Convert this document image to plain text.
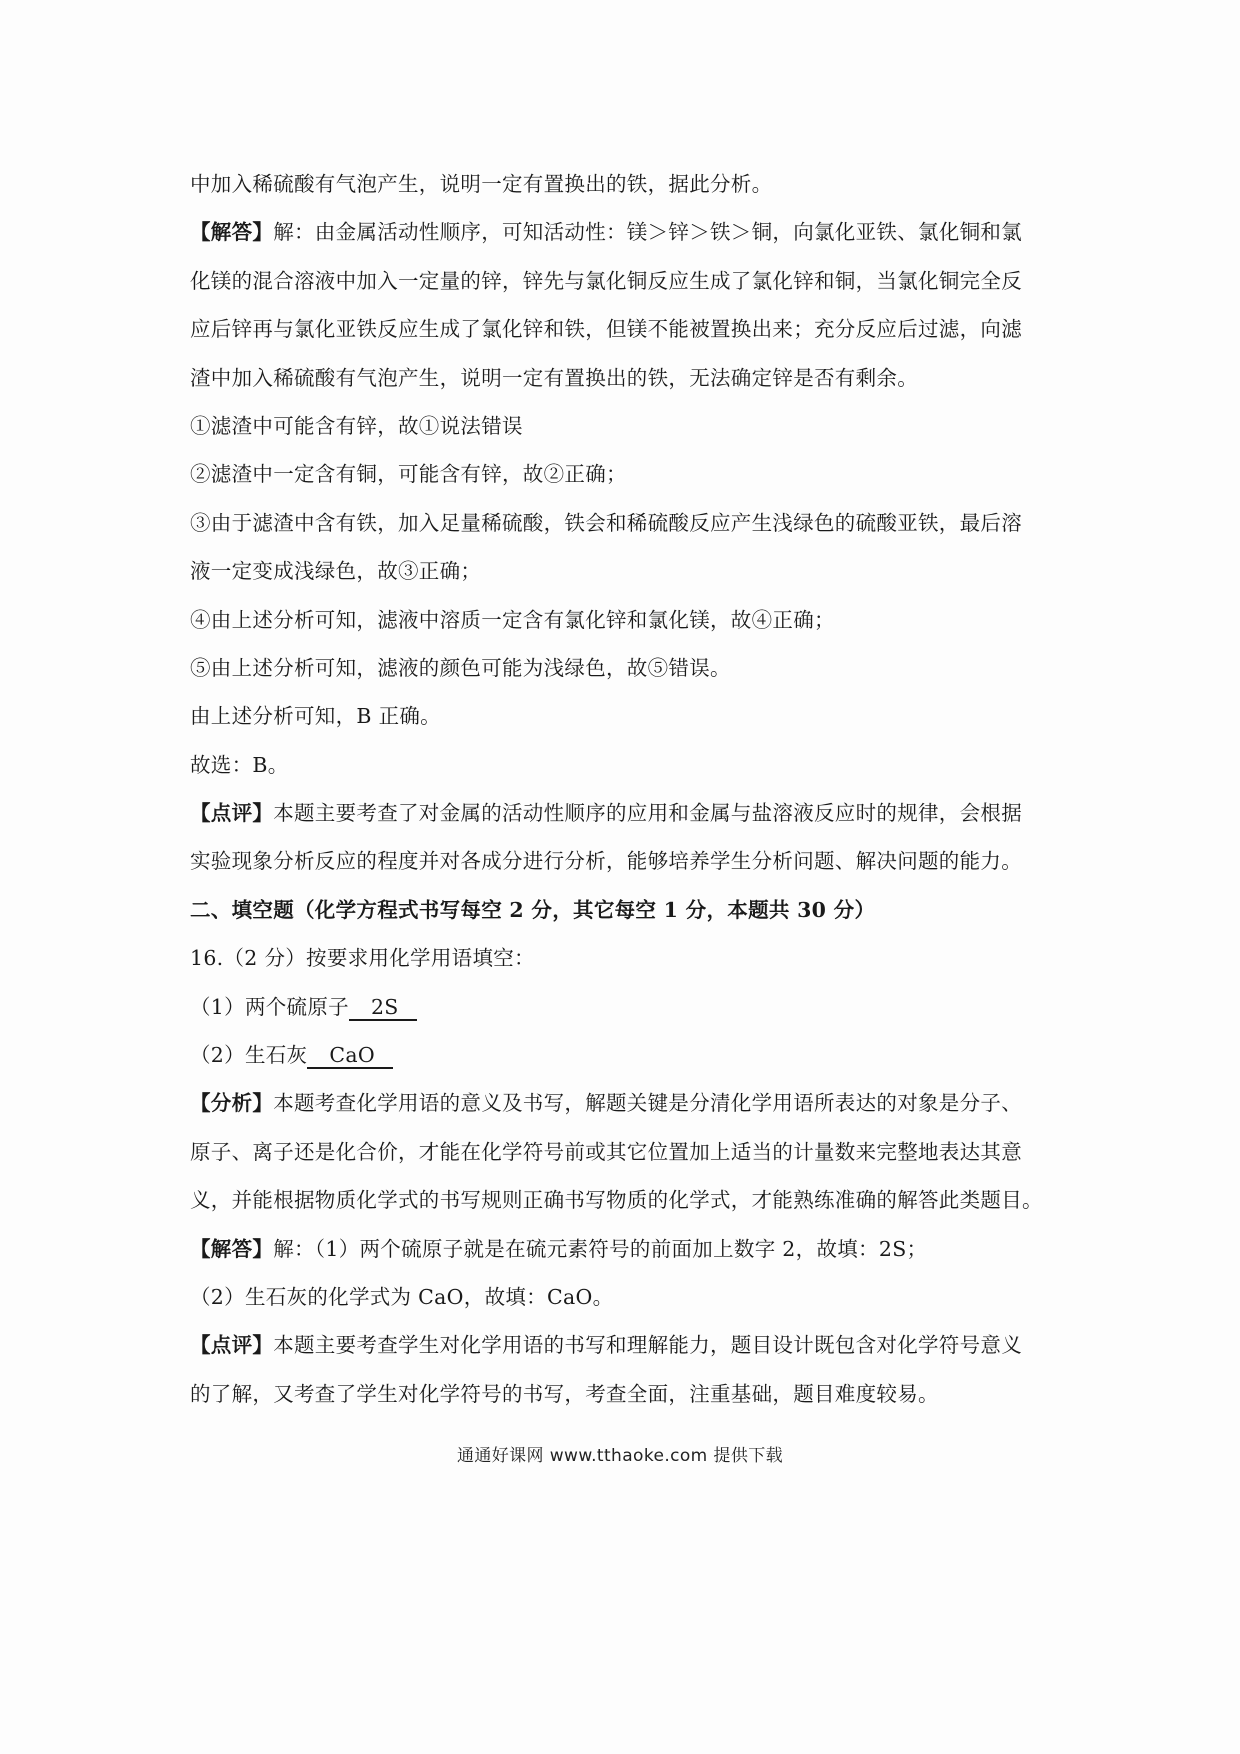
中加入稀硫酸有气泡产生，说明一定有置换出的铁，据此分析。
【解答】解：由金属活动性顺序，可知活动性：镁＞锌＞铁＞铜，向氯化亚铁、氯化铜和氯
化镁的混合溶液中加入一定量的锌，锌先与氯化铜反应生成了氯化锌和铜，当氯化铜完全反
应后锌再与氯化亚铁反应生成了氯化锌和铁，但镁不能被置换出来；充分反应后过滤，向滤
渣中加入稀硫酸有气泡产生，说明一定有置换出的铁，无法确定锌是否有剩余。
①滤渣中可能含有锌，故①说法错误
②滤渣中一定含有铜，可能含有锌，故②正确；
③由于滤渣中含有铁，加入足量稀硫酸，铁会和稀硫酸反应产生浅绿色的硫酸亚铁，最后溶
液一定变成浅绿色，故③正确；
④由上述分析可知，滤液中溶质一定含有氯化锌和氯化镁，故④正确；
⑤由上述分析可知，滤液的颜色可能为浅绿色，故⑤错误。
由上述分析可知，B 正确。
故选：B。
【点评】本题主要考查了对金属的活动性顺序的应用和金属与盐溶液反应时的规律，会根据
实验现象分析反应的程度并对各成分进行分析，能够培养学生分析问题、解决问题的能力。
二、填空题（化学方程式书写每空 2 分，其它每空 1 分，本题共 30 分）
16.（2 分）按要求用化学用语填空：
（1）两个硫原子 2S
（2）生石灰 CaO
【分析】本题考查化学用语的意义及书写，解题关键是分清化学用语所表达的对象是分子、
原子、离子还是化合价，才能在化学符号前或其它位置加上适当的计量数来完整地表达其意
义，并能根据物质化学式的书写规则正确书写物质的化学式，才能熟练准确的解答此类题目。
【解答】解：（1）两个硫原子就是在硫元素符号的前面加上数字 2，故填：2S；
（2）生石灰的化学式为 CaO，故填：CaO。
【点评】本题主要考查学生对化学用语的书写和理解能力，题目设计既包含对化学符号意义
的了解，又考查了学生对化学符号的书写，考查全面，注重基础，题目难度较易。
通通好课网 www.tthaoke.com 提供下载
